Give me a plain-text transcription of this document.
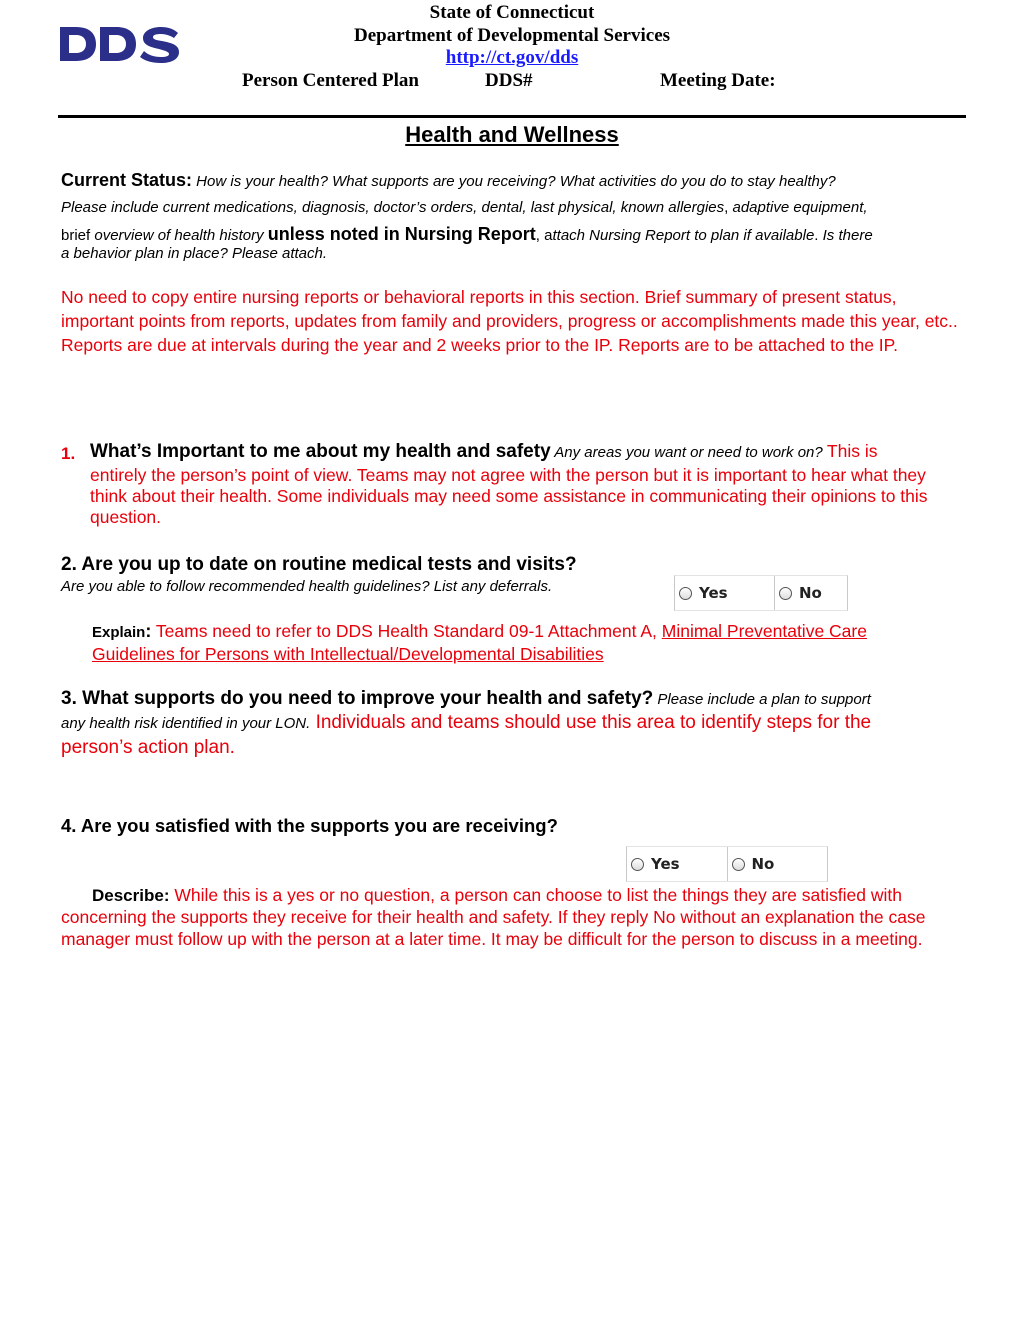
State of Connecticut
Department of Developmental Services
http://ct.gov/dds
Person Centered Plan	DDS#	Meeting Date:
Health and Wellness
Current Status: How is your health? What supports are you receiving? What activities do you do to stay healthy?
Please include current medications, diagnosis, doctor’s orders, dental, last physical, known allergies, adaptive equipment,
brief overview of health history unless noted in Nursing Report, attach Nursing Report to plan if available. Is there

a behavior plan in place? Please attach.
No need to copy entire nursing reports or behavioral reports in this section. Brief summary of present status, important points from reports, updates from family and providers, progress or accomplishments made this year, etc.. Reports are due at intervals during the year and 2 weeks prior to the IP. Reports are to be attached to the IP.
1. What’s Important to me about my health and safety Any areas you want or need to work on? This is
entirely the person’s point of view. Teams may not agree with the person but it is important to hear what they think about their health. Some individuals may need some assistance in communicating their opinions to this question.
2. Are you up to date on routine medical tests and visits?
Are you able to follow recommended health guidelines? List any deferrals.	Yes	No
Explain: Teams need to refer to DDS Health Standard 09-1 Attachment A, Minimal Preventative Care
Guidelines for Persons with Intellectual/Developmental Disabilities
3. What supports do you need to improve your health and safety? Please include a plan to support
any health risk identified in your LON. Individuals and teams should use this area to identify steps for the
person’s action plan.
4. Are you satisfied with the supports you are receiving?
Yes	No
Describe: While this is a yes or no question, a person can choose to list the things they are satisfied with
concerning the supports they receive for their health and safety. If they reply No without an explanation the case manager must follow up with the person at a later time. It may be difficult for the person to discuss in a meeting.
